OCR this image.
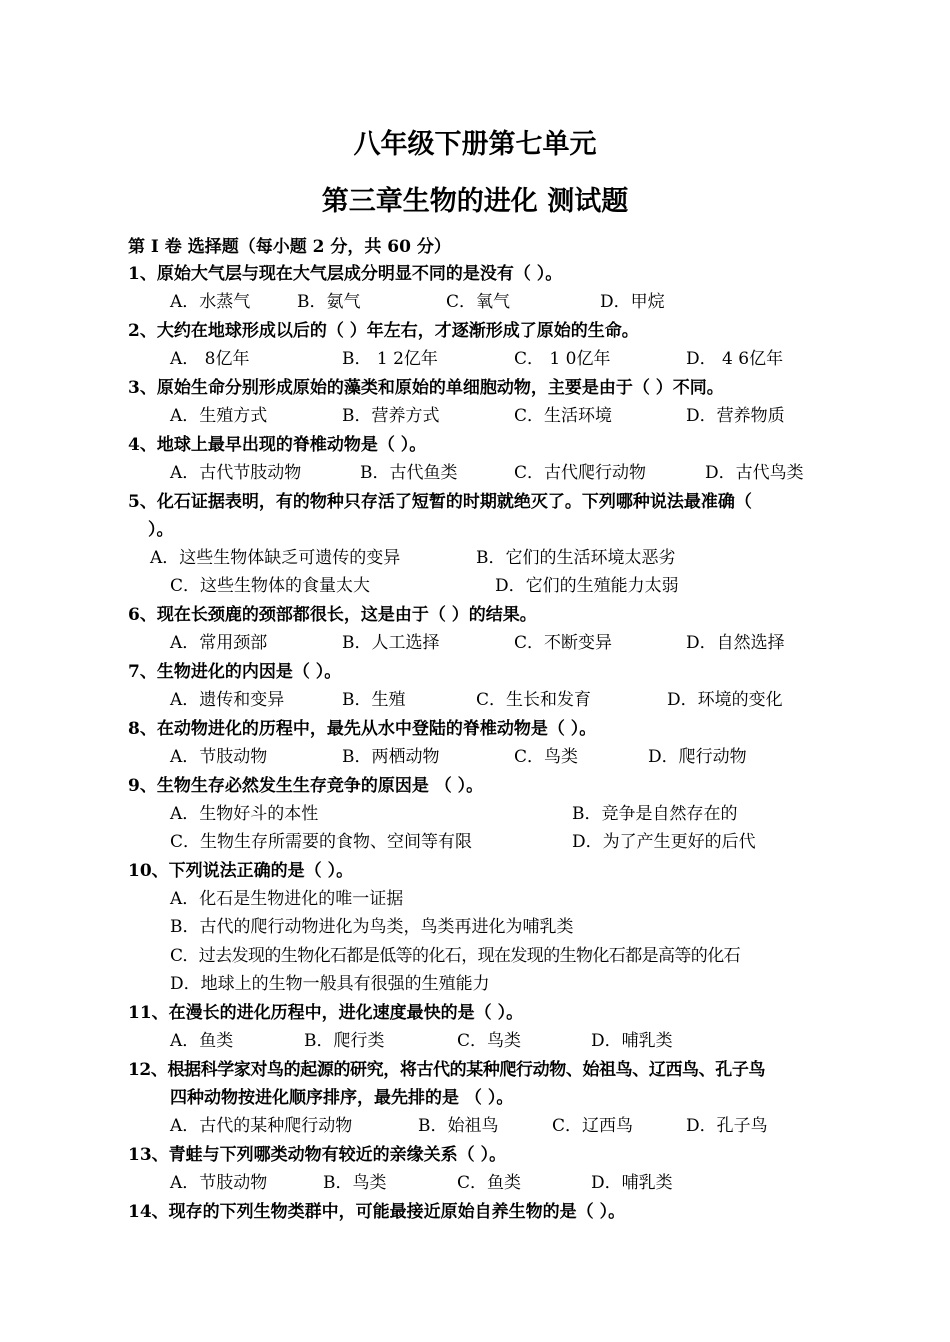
八年级下册第七单元
第三章生物的进化 测试题
第 I 卷 选择题（每小题 2 分，共 60 分）
1、原始大气层与现在大气层成分明显不同的是没有（ ）。
A．水蒸气	B．氨气	C．氧气	D．甲烷
2、大约在地球形成以后的（ ）年左右，才逐渐形成了原始的生命。
A． 8亿年	B． 1 2亿年	C． 1 0亿年	D． 4 6亿年
3、原始生命分别形成原始的藻类和原始的单细胞动物，主要是由于（ ）不同。
A．生殖方式	B．营养方式	C．生活环境	D．营养物质
4、地球上最早出现的脊椎动物是（ ）。
A．古代节肢动物	B．古代鱼类	C．古代爬行动物	D．古代鸟类
5、化石证据表明，有的物种只存活了短暂的时期就绝灭了。下列哪种说法最准确（
）。
A．这些生物体缺乏可遗传的变异	B．它们的生活环境太恶劣
C．这些生物体的食量太大	D．它们的生殖能力太弱
6、现在长颈鹿的颈部都很长，这是由于（ ）的结果。
A．常用颈部	B．人工选择	C．不断变异	D．自然选择
7、生物进化的内因是（ ）。
A．遗传和变异	B．生殖	C．生长和发育	D．环境的变化
8、在动物进化的历程中，最先从水中登陆的脊椎动物是（ ）。
A．节肢动物	B．两栖动物	C．鸟类	D．爬行动物
9、生物生存必然发生生存竞争的原因是 （ ）。
A．生物好斗的本性	B．竞争是自然存在的
C．生物生存所需要的食物、空间等有限	D．为了产生更好的后代
10、下列说法正确的是（ ）。
A．化石是生物进化的唯一证据
B．古代的爬行动物进化为鸟类，鸟类再进化为哺乳类
C．过去发现的生物化石都是低等的化石，现在发现的生物化石都是高等的化石
D．地球上的生物一般具有很强的生殖能力
11、在漫长的进化历程中，进化速度最快的是（ ）。
A．鱼类	B．爬行类	C．鸟类	D．哺乳类
12、根据科学家对鸟的起源的研究，将古代的某种爬行动物、始祖鸟、辽西鸟、孔子鸟
四种动物按进化顺序排序，最先排的是 （ ）。
A．古代的某种爬行动物	B．始祖鸟	C．辽西鸟	D．孔子鸟
13、青蛙与下列哪类动物有较近的亲缘关系（ ）。
A．节肢动物	B．鸟类	C．鱼类	D．哺乳类
14、现存的下列生物类群中，可能最接近原始自养生物的是（ ）。
